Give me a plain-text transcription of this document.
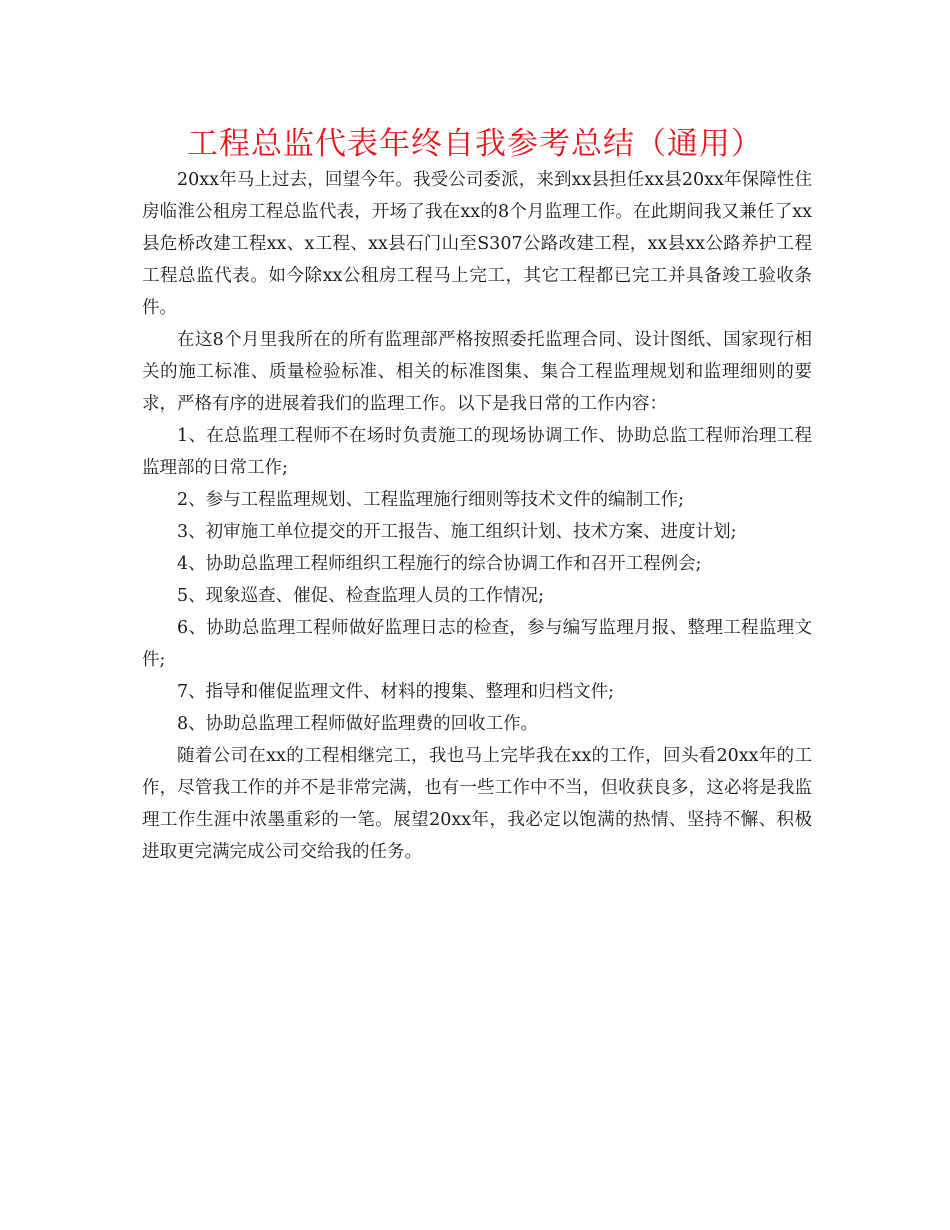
工程总监代表年终自我参考总结（通用）

20xx年马上过去，回望今年。我受公司委派，来到xx县担任xx县20xx年保障性住房临淮公租房工程总监代表，开场了我在xx的8个月监理工作。在此期间我又兼任了xx县危桥改建工程xx、x工程、xx县石门山至S307公路改建工程，xx县xx公路养护工程工程总监代表。如今除xx公租房工程马上完工，其它工程都已完工并具备竣工验收条件。

在这8个月里我所在的所有监理部严格按照委托监理合同、设计图纸、国家现行相关的施工标准、质量检验标准、相关的标准图集、集合工程监理规划和监理细则的要求，严格有序的进展着我们的监理工作。以下是我日常的工作内容：

1、在总监理工程师不在场时负责施工的现场协调工作、协助总监工程师治理工程监理部的日常工作;

2、参与工程监理规划、工程监理施行细则等技术文件的编制工作;

3、初审施工单位提交的开工报告、施工组织计划、技术方案、进度计划;

4、协助总监理工程师组织工程施行的综合协调工作和召开工程例会;

5、现象巡查、催促、检查监理人员的工作情况;

6、协助总监理工程师做好监理日志的检查，参与编写监理月报、整理工程监理文件;

7、指导和催促监理文件、材料的搜集、整理和归档文件;

8、协助总监理工程师做好监理费的回收工作。

随着公司在xx的工程相继完工，我也马上完毕我在xx的工作，回头看20xx年的工作，尽管我工作的并不是非常完满，也有一些工作中不当，但收获良多，这必将是我监理工作生涯中浓墨重彩的一笔。展望20xx年，我必定以饱满的热情、坚持不懈、积极进取更完满完成公司交给我的任务。
